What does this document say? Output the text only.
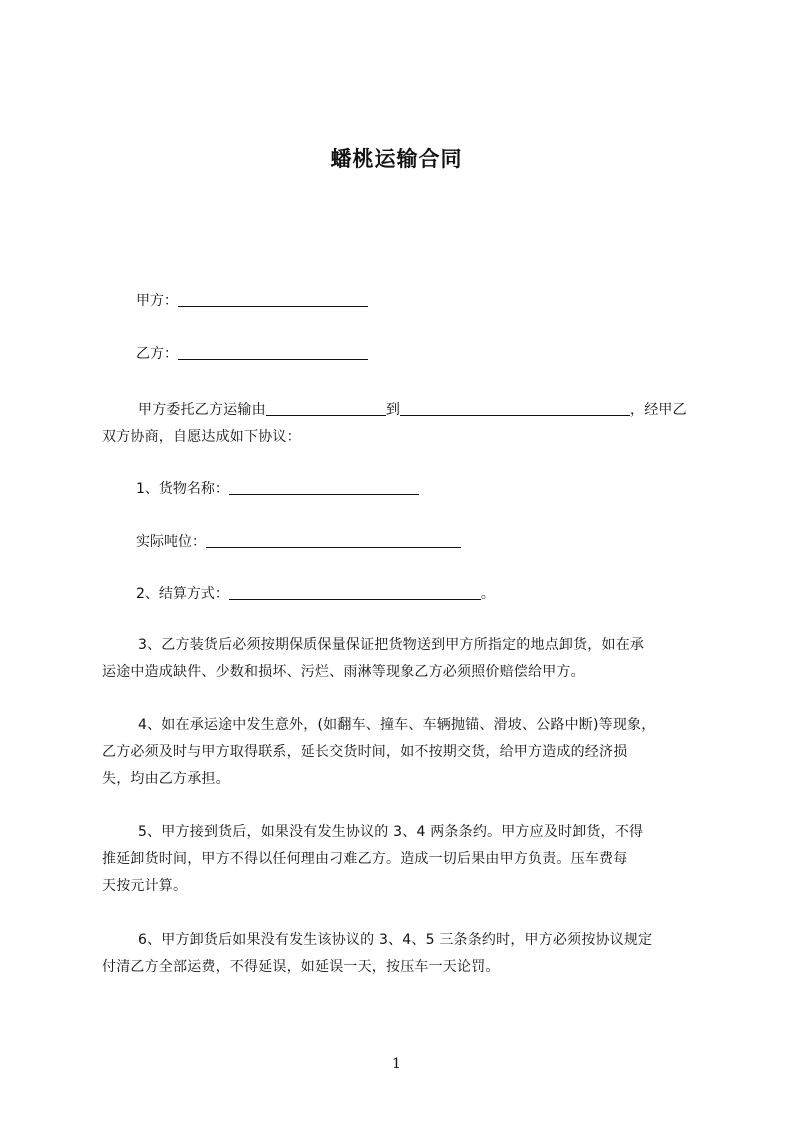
蟠桃运输合同
甲方：
乙方：
甲方委托乙方运输由	到	，经甲乙
双方协商，自愿达成如下协议：
1、货物名称：
实际吨位：
2、结算方式：	。
3、乙方装货后必须按期保质保量保证把货物送到甲方所指定的地点卸货，如在承
运途中造成缺件、少数和损坏、污烂、雨淋等现象乙方必须照价赔偿给甲方。
4、如在承运途中发生意外，(如翻车、撞车、车辆抛锚、滑坡、公路中断)等现象，
乙方必须及时与甲方取得联系，延长交货时间，如不按期交货，给甲方造成的经济损
失，均由乙方承担。
5、甲方接到货后，如果没有发生协议的 3、4 两条条约。甲方应及时卸货，不得
推延卸货时间，甲方不得以任何理由刁难乙方。造成一切后果由甲方负责。压车费每
天按元计算。
6、甲方卸货后如果没有发生该协议的 3、4、5 三条条约时，甲方必须按协议规定
付清乙方全部运费，不得延误，如延误一天，按压车一天论罚。
1
